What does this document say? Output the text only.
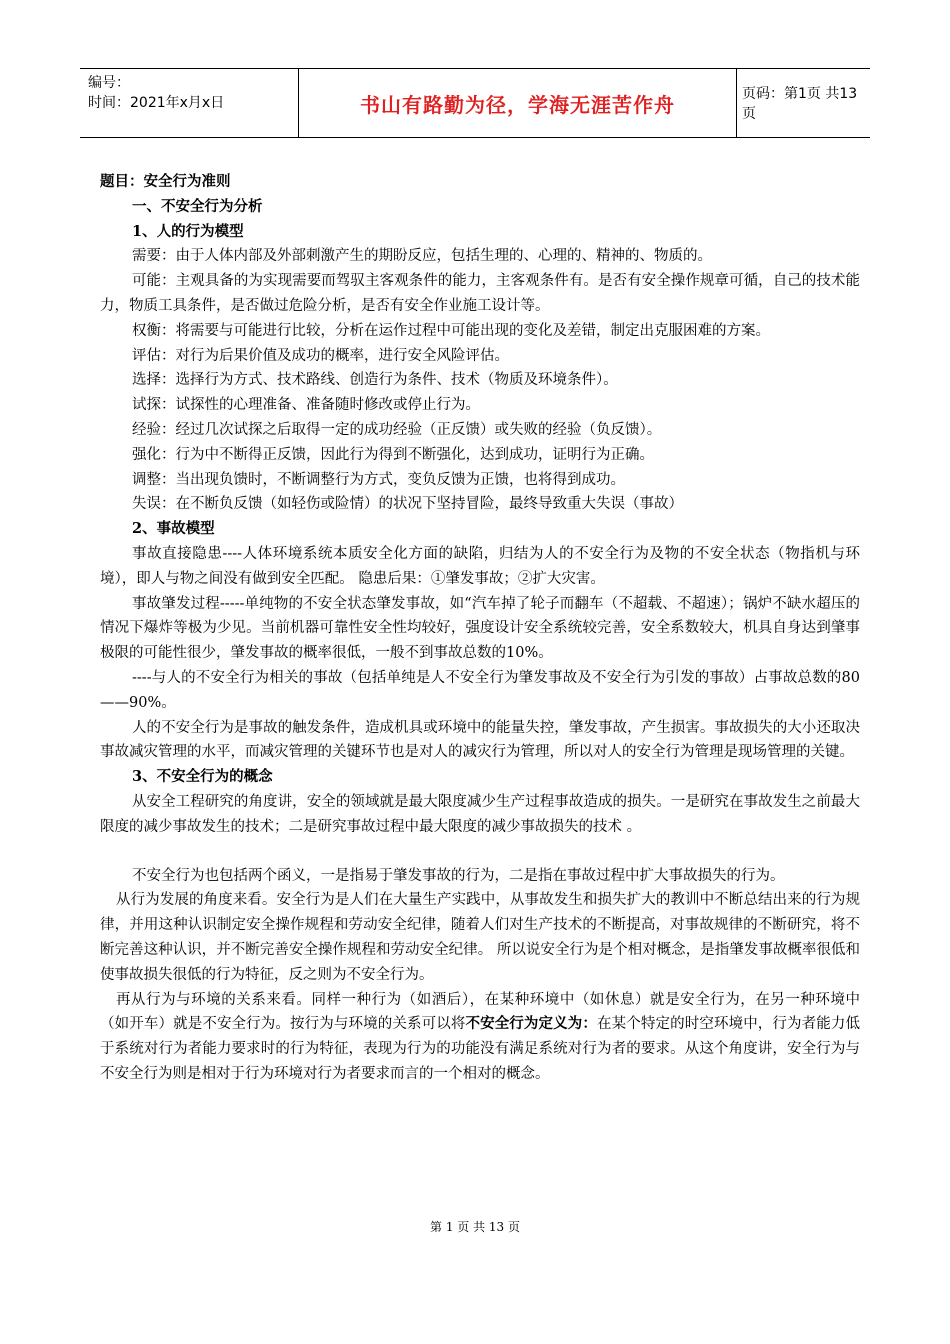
编号：
时间：2021年x月x日	书山有路勤为径，学海无涯苦作舟	页码：第1页 共13页

题目：安全行为准则

一、不安全行为分析

1、人的行为模型

需要：由于人体内部及外部刺激产生的期盼反应，包括生理的、心理的、精神的、物质的。

可能：主观具备的为实现需要而驾驭主客观条件的能力，主客观条件有。是否有安全操作规章可循，自己的技术能力，物质工具条件，是否做过危险分析，是否有安全作业施工设计等。

权衡：将需要与可能进行比较，分析在运作过程中可能出现的变化及差错，制定出克服困难的方案。

评估：对行为后果价值及成功的概率，进行安全风险评估。

选择：选择行为方式、技术路线、创造行为条件、技术（物质及环境条件）。

试探：试探性的心理准备、准备随时修改或停止行为。

经验：经过几次试探之后取得一定的成功经验（正反馈）或失败的经验（负反馈）。

强化：行为中不断得正反馈，因此行为得到不断强化，达到成功，证明行为正确。

调整：当出现负馈时，不断调整行为方式，变负反馈为正馈，也将得到成功。

失误：在不断负反馈（如轻伤或险情）的状况下坚持冒险，最终导致重大失误（事故）

2、事故模型

事故直接隐患----人体环境系统本质安全化方面的缺陷，归结为人的不安全行为及物的不安全状态（物指机与环境），即人与物之间没有做到安全匹配。 隐患后果：①肇发事故；②扩大灾害。

事故肇发过程-----单纯物的不安全状态肇发事故，如“汽车掉了轮子而翻车（不超载、不超速）；锅炉不缺水超压的情况下爆炸等极为少见。当前机器可靠性安全性均较好，强度设计安全系统较完善，安全系数较大，机具自身达到肇事极限的可能性很少，肇发事故的概率很低，一般不到事故总数的10%。

----与人的不安全行为相关的事故（包括单纯是人不安全行为肇发事故及不安全行为引发的事故）占事故总数的80——90%。

人的不安全行为是事故的触发条件，造成机具或环境中的能量失控，肇发事故，产生损害。事故损失的大小还取决事故减灾管理的水平，而减灾管理的关键环节也是对人的减灾行为管理，所以对人的安全行为管理是现场管理的关键。

3、不安全行为的概念

从安全工程研究的角度讲，安全的领域就是最大限度减少生产过程事故造成的损失。一是研究在事故发生之前最大限度的减少事故发生的技术；二是研究事故过程中最大限度的减少事故损失的技术 。

不安全行为也包括两个函义，一是指易于肇发事故的行为，二是指在事故过程中扩大事故损失的行为。

从行为发展的角度来看。安全行为是人们在大量生产实践中，从事故发生和损失扩大的教训中不断总结出来的行为规律，并用这种认识制定安全操作规程和劳动安全纪律，随着人们对生产技术的不断提高，对事故规律的不断研究，将不断完善这种认识，并不断完善安全操作规程和劳动安全纪律。 所以说安全行为是个相对概念，是指肇发事故概率很低和使事故损失很低的行为特征，反之则为不安全行为。

再从行为与环境的关系来看。同样一种行为（如酒后），在某种环境中（如休息）就是安全行为，在另一种环境中（如开车）就是不安全行为。按行为与环境的关系可以将不安全行为定义为：在某个特定的时空环境中，行为者能力低于系统对行为者能力要求时的行为特征，表现为行为的功能没有满足系统对行为者的要求。从这个角度讲，安全行为与不安全行为则是相对于行为环境对行为者要求而言的一个相对的概念。

第 1 页 共 13 页
